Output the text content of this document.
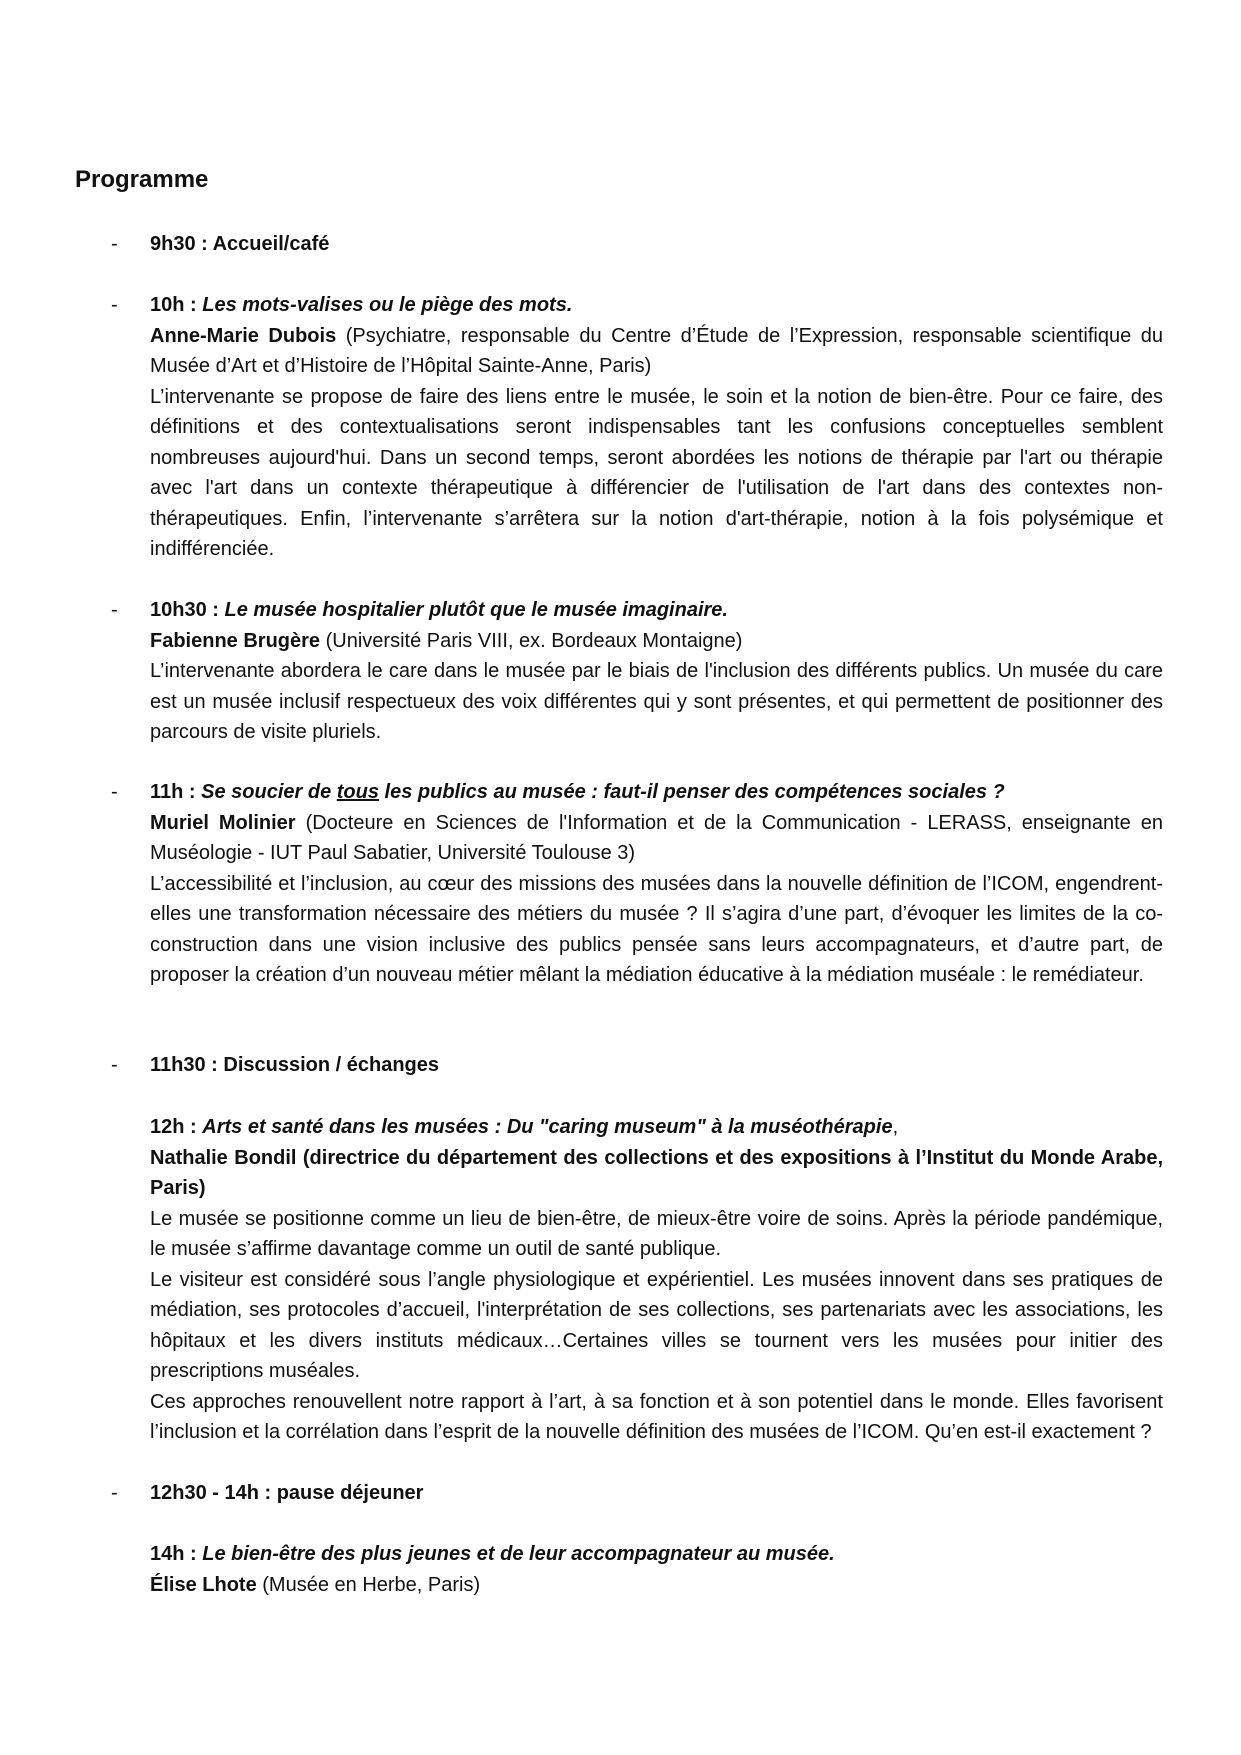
Programme
- 9h30 : Accueil/café

- 10h : Les mots-valises ou le piège des mots.

Anne-Marie Dubois (Psychiatre, responsable du Centre d’Étude de l’Expression, responsable scientifique du Musée d’Art et d’Histoire de l’Hôpital Sainte-Anne, Paris)

L’intervenante se propose de faire des liens entre le musée, le soin et la notion de bien-être. Pour ce faire, des définitions et des contextualisations seront indispensables tant les confusions conceptuelles semblent nombreuses aujourd'hui. Dans un second temps, seront abordées les notions de thérapie par l'art ou thérapie avec l'art dans un contexte thérapeutique à différencier de l'utilisation de l'art dans des contextes non-thérapeutiques. Enfin, l’intervenante s’arrêtera sur la notion d'art-thérapie, notion à la fois polysémique et indifférenciée.

- 10h30 : Le musée hospitalier plutôt que le musée imaginaire.

Fabienne Brugère (Université Paris VIII, ex. Bordeaux Montaigne)

L’intervenante abordera le care dans le musée par le biais de l'inclusion des différents publics. Un musée du care est un musée inclusif respectueux des voix différentes qui y sont présentes, et qui permettent de positionner des parcours de visite pluriels.

- 11h : Se soucier de tous les publics au musée : faut-il penser des compétences sociales ?

Muriel Molinier (Docteure en Sciences de l'Information et de la Communication - LERASS, enseignante en Muséologie - IUT Paul Sabatier, Université Toulouse 3)

L’accessibilité et l’inclusion, au cœur des missions des musées dans la nouvelle définition de l’ICOM, engendrent-elles une transformation nécessaire des métiers du musée ? Il s’agira d’une part, d’évoquer les limites de la co-construction dans une vision inclusive des publics pensée sans leurs accompagnateurs, et d’autre part, de proposer la création d’un nouveau métier mêlant la médiation éducative à la médiation muséale : le remédiateur.

- 11h30 : Discussion / échanges

12h : Arts et santé dans les musées : Du "caring museum" à la muséothérapie,

Nathalie Bondil (directrice du département des collections et des expositions à l’Institut du Monde Arabe, Paris)

Le musée se positionne comme un lieu de bien-être, de mieux-être voire de soins. Après la période pandémique, le musée s’affirme davantage comme un outil de santé publique.

Le visiteur est considéré sous l’angle physiologique et expérientiel. Les musées innovent dans ses pratiques de médiation, ses protocoles d’accueil, l'interprétation de ses collections, ses partenariats avec les associations, les hôpitaux et les divers instituts médicaux…Certaines villes se tournent vers les musées pour initier des prescriptions muséales.

Ces approches renouvellent notre rapport à l’art, à sa fonction et à son potentiel dans le monde. Elles favorisent l’inclusion et la corrélation dans l’esprit de la nouvelle définition des musées de l’ICOM. Qu’en est-il exactement ?

- 12h30 - 14h : pause déjeuner

14h : Le bien-être des plus jeunes et de leur accompagnateur au musée.

Élise Lhote (Musée en Herbe, Paris)
